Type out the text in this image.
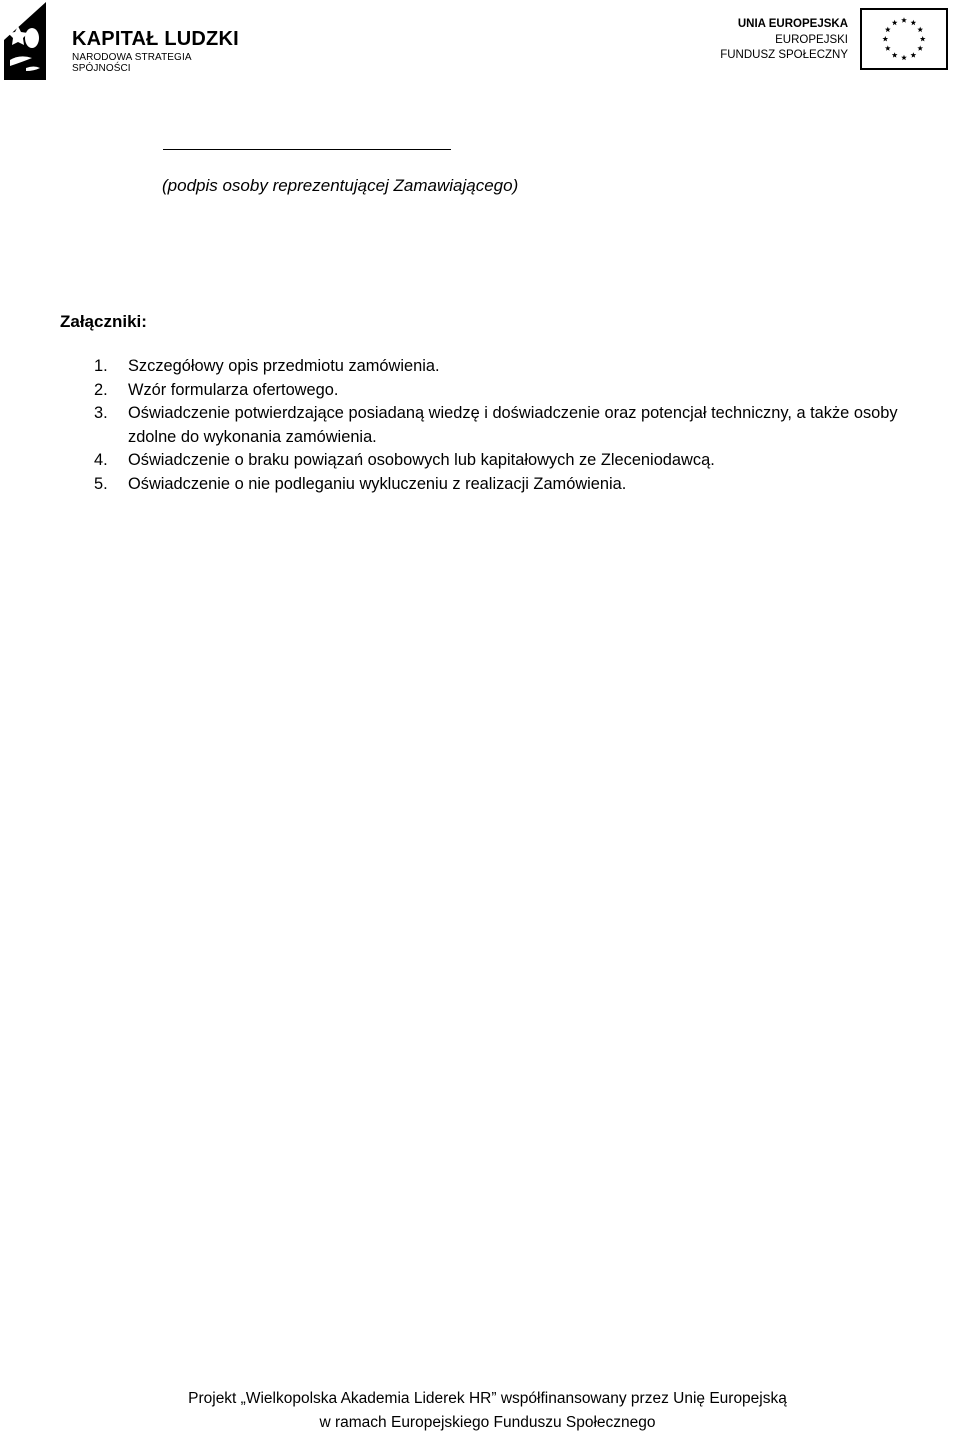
KAPITAŁ LUDZKI
NARODOWA STRATEGIA SPÓJNOŚCI
UNIA EUROPEJSKA
EUROPEJSKI
FUNDUSZ SPOŁECZNY
(podpis osoby reprezentującej Zamawiającego)
Załączniki:
1. Szczegółowy opis przedmiotu zamówienia.
2. Wzór formularza ofertowego.
3. Oświadczenie potwierdzające posiadaną wiedzę i doświadczenie oraz potencjał techniczny, a także osoby zdolne do wykonania zamówienia.
4. Oświadczenie o braku powiązań osobowych lub kapitałowych ze Zleceniodawcą.
5. Oświadczenie o nie podleganiu wykluczeniu z realizacji Zamówienia.
Projekt „Wielkopolska Akademia Liderek HR” współfinansowany przez Unię Europejską
w ramach Europejskiego Funduszu Społecznego
